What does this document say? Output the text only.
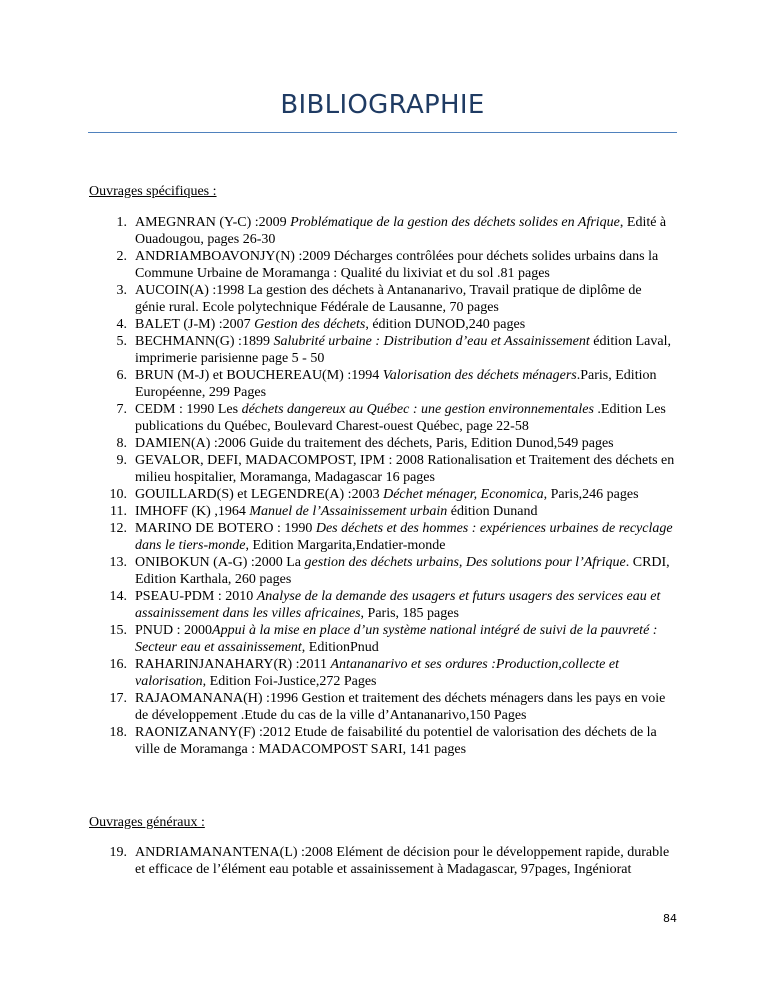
BIBLIOGRAPHIE
Ouvrages spécifiques :
1. AMEGNRAN (Y-C) :2009 Problématique de la gestion des déchets solides en Afrique, Edité à Ouadougou, pages 26-30
2. ANDRIAMBOAVONJY(N) :2009 Décharges contrôlées pour déchets solides urbains dans la Commune Urbaine de Moramanga : Qualité du lixiviat et du sol .81 pages
3. AUCOIN(A) :1998 La gestion des déchets à Antananarivo, Travail pratique de diplôme de génie rural. Ecole polytechnique Fédérale de Lausanne, 70 pages
4. BALET (J-M) :2007 Gestion des déchets, édition DUNOD,240 pages
5. BECHMANN(G) :1899 Salubrité urbaine : Distribution d’eau et Assainissement édition Laval, imprimerie parisienne page 5 - 50
6. BRUN (M-J) et BOUCHEREAU(M) :1994 Valorisation des déchets ménagers.Paris, Edition Européenne, 299 Pages
7. CEDM : 1990 Les déchets dangereux au Québec : une gestion environnementales .Edition Les publications du Québec, Boulevard Charest-ouest Québec, page 22-58
8. DAMIEN(A) :2006 Guide du traitement des déchets, Paris, Edition Dunod,549 pages
9. GEVALOR, DEFI, MADACOMPOST, IPM : 2008 Rationalisation et Traitement des déchets en milieu hospitalier, Moramanga, Madagascar 16 pages
10. GOUILLARD(S) et LEGENDRE(A) :2003 Déchet ménager, Economica, Paris,246 pages
11. IMHOFF (K) ,1964 Manuel de l’Assainissement urbain édition Dunand
12. MARINO DE BOTERO : 1990 Des déchets et des hommes : expériences urbaines de recyclage dans le tiers-monde, Edition Margarita,Endatier-monde
13. ONIBOKUN (A-G) :2000 La gestion des déchets urbains, Des solutions pour l’Afrique. CRDI, Edition Karthala, 260 pages
14. PSEAU-PDM : 2010 Analyse de la demande des usagers et futurs usagers des services eau et assainissement dans les villes africaines, Paris, 185 pages
15. PNUD : 2000Appui à la mise en place d’un système national intégré de suivi de la pauvreté : Secteur eau et assainissement, EditionPnud
16. RAHARINJANAHARY(R) :2011 Antananarivo et ses ordures :Production,collecte et valorisation, Edition Foi-Justice,272 Pages
17. RAJAOMANANA(H) :1996 Gestion et traitement des déchets ménagers dans les pays en voie de développement .Etude du cas de la ville d’Antananarivo,150 Pages
18. RAONIZANANY(F) :2012 Etude de faisabilité du potentiel de valorisation des déchets de la ville de Moramanga : MADACOMPOST SARI, 141 pages
Ouvrages généraux :
19. ANDRIAMANANTENA(L) :2008 Elément de décision pour le développement rapide, durable et efficace de l’élément eau potable et assainissement à Madagascar, 97pages, Ingéniorat
84
